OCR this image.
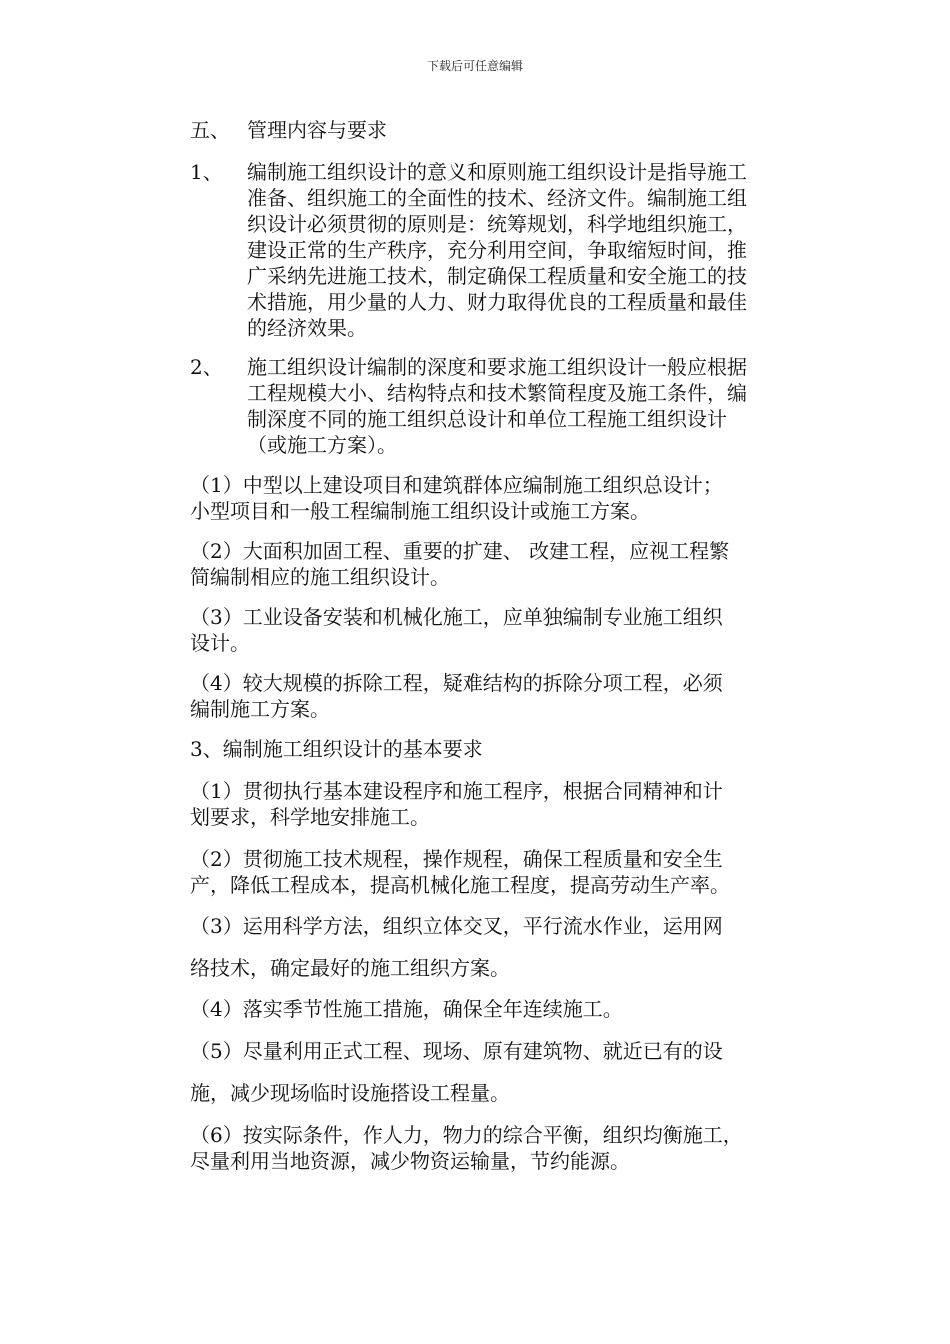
下载后可任意编辑
五、 管理内容与要求
1、 编制施工组织设计的意义和原则施工组织设计是指导施工
准备、组织施工的全面性的技术、经济文件。编制施工组
织设计必须贯彻的原则是：统筹规划，科学地组织施工，
建设正常的生产秩序，充分利用空间，争取缩短时间，推
广采纳先进施工技术，制定确保工程质量和安全施工的技
术措施，用少量的人力、财力取得优良的工程质量和最佳
的经济效果。
2、 施工组织设计编制的深度和要求施工组织设计一般应根据
工程规模大小、结构特点和技术繁简程度及施工条件，编
制深度不同的施工组织总设计和单位工程施工组织设计
（或施工方案）。
（1）中型以上建设项目和建筑群体应编制施工组织总设计；
小型项目和一般工程编制施工组织设计或施工方案。
（2）大面积加固工程、重要的扩建、 改建工程，应视工程繁
简编制相应的施工组织设计。
（3）工业设备安装和机械化施工，应单独编制专业施工组织
设计。
（4）较大规模的拆除工程，疑难结构的拆除分项工程，必须
编制施工方案。
3、编制施工组织设计的基本要求
（1）贯彻执行基本建设程序和施工程序，根据合同精神和计
划要求，科学地安排施工。
（2）贯彻施工技术规程，操作规程，确保工程质量和安全生
产，降低工程成本，提高机械化施工程度，提高劳动生产率。
（3）运用科学方法，组织立体交叉，平行流水作业，运用网
络技术，确定最好的施工组织方案。
（4）落实季节性施工措施，确保全年连续施工。
（5）尽量利用正式工程、现场、原有建筑物、就近已有的设
施，减少现场临时设施搭设工程量。
（6）按实际条件，作人力，物力的综合平衡，组织均衡施工，
尽量利用当地资源，减少物资运输量，节约能源。
